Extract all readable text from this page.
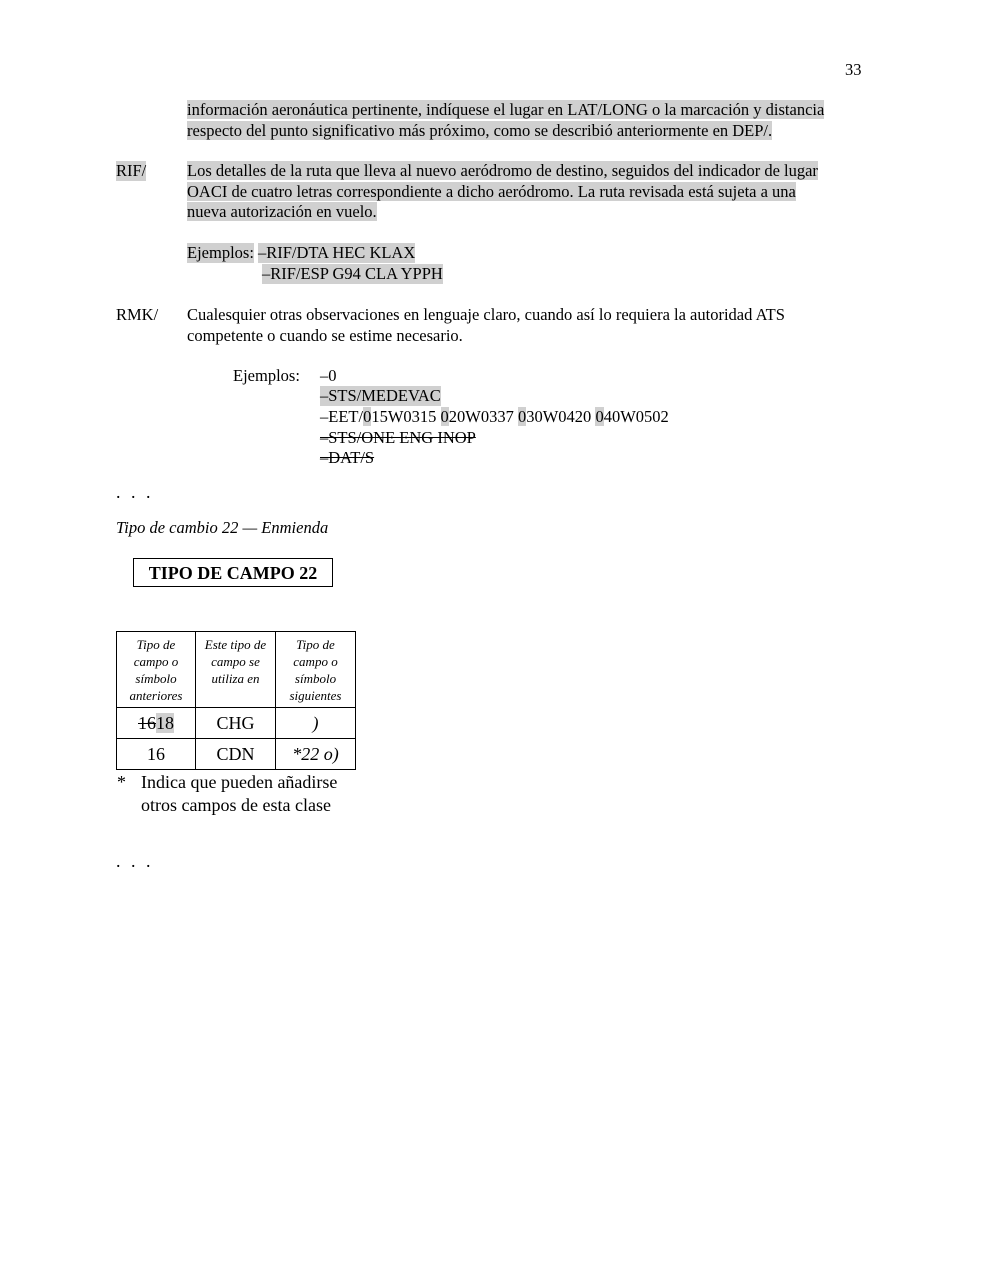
33
información aeronáutica pertinente, indíquese el lugar en LAT/LONG o la marcación y distancia
respecto del punto significativo más próximo, como se describió anteriormente en DEP/.
RIF/ Los detalles de la ruta que lleva al nuevo aeródromo de destino, seguidos del indicador de lugar
OACI de cuatro letras correspondiente a dicho aeródromo. La ruta revisada está sujeta a una
nueva autorización en vuelo.
Ejemplos: –RIF/DTA HEC KLAX
–RIF/ESP G94 CLA YPPH
RMK/ Cualesquier otras observaciones en lenguaje claro, cuando así lo requiera la autoridad ATS
competente o cuando se estime necesario.
Ejemplos: –0
–STS/MEDEVAC
–EET/015W0315 020W0337 030W0420 040W0502
–STS/ONE ENG INOP
–DAT/S
. . .
Tipo de cambio 22 — Enmienda
TIPO DE CAMPO 22
Tipo de
campo o
símbolo
anteriores	Este tipo de
campo se
utiliza en	Tipo de
campo o
símbolo
siguientes
1618	CHG	)
16	CDN	*22 o)
* Indica que pueden añadirse
otros campos de esta clase
. . .
